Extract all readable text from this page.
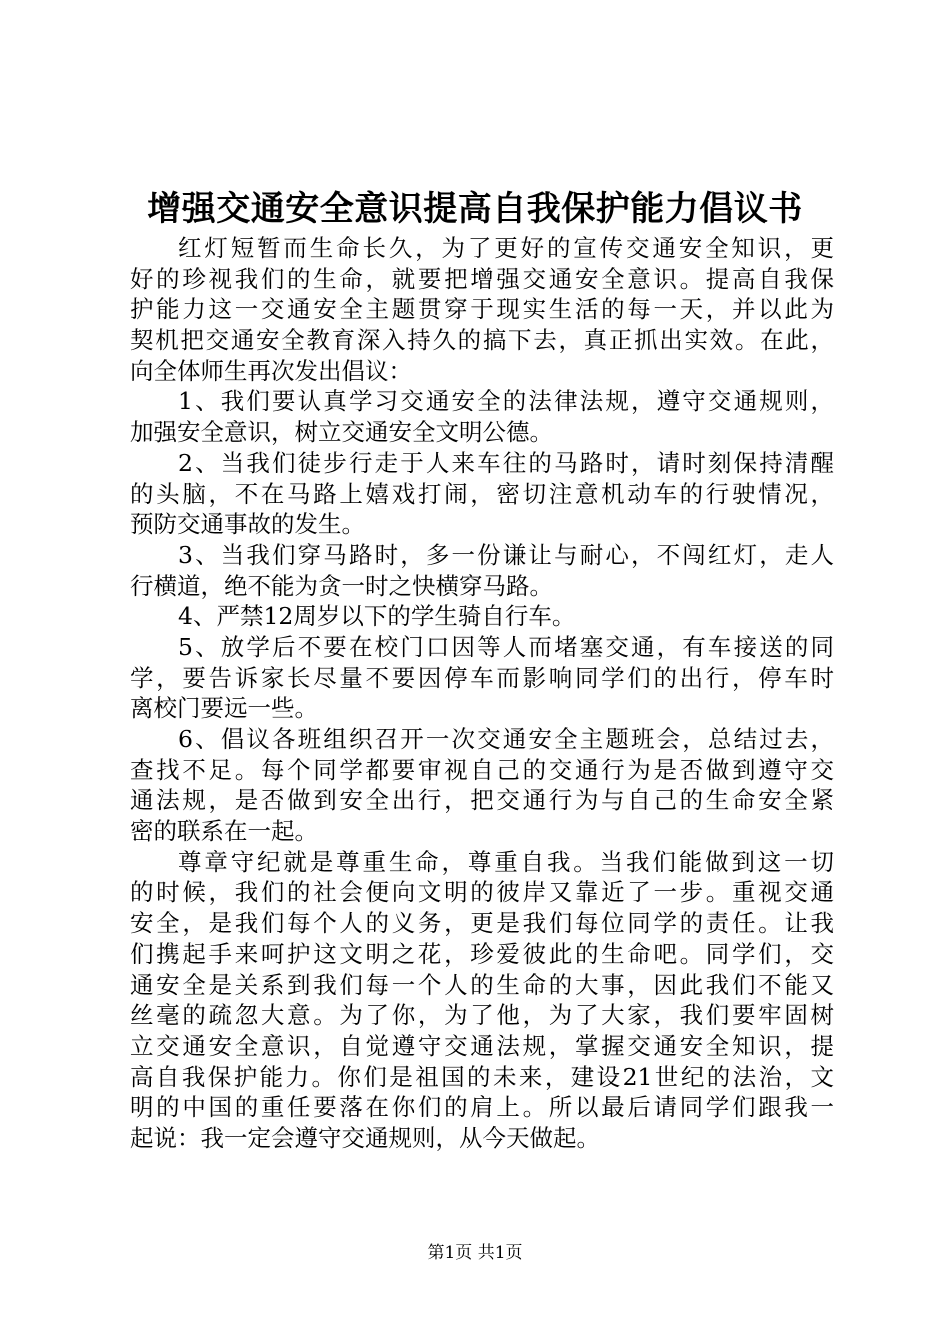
增强交通安全意识提高自我保护能力倡议书
红灯短暂而生命长久，为了更好的宣传交通安全知识，更
好的珍视我们的生命，就要把增强交通安全意识。提高自我保
护能力这一交通安全主题贯穿于现实生活的每一天，并以此为
契机把交通安全教育深入持久的搞下去，真正抓出实效。在此，
向全体师生再次发出倡议：
1、我们要认真学习交通安全的法律法规，遵守交通规则，
加强安全意识，树立交通安全文明公德。
2、当我们徒步行走于人来车往的马路时，请时刻保持清醒
的头脑，不在马路上嬉戏打闹，密切注意机动车的行驶情况，
预防交通事故的发生。
3、当我们穿马路时，多一份谦让与耐心，不闯红灯，走人
行横道，绝不能为贪一时之快横穿马路。
4、严禁12周岁以下的学生骑自行车。
5、放学后不要在校门口因等人而堵塞交通，有车接送的同
学，要告诉家长尽量不要因停车而影响同学们的出行，停车时
离校门要远一些。
6、倡议各班组织召开一次交通安全主题班会，总结过去，
查找不足。每个同学都要审视自己的交通行为是否做到遵守交
通法规，是否做到安全出行，把交通行为与自己的生命安全紧
密的联系在一起。
尊章守纪就是尊重生命，尊重自我。当我们能做到这一切
的时候，我们的社会便向文明的彼岸又靠近了一步。重视交通
安全，是我们每个人的义务，更是我们每位同学的责任。让我
们携起手来呵护这文明之花，珍爱彼此的生命吧。同学们，交
通安全是关系到我们每一个人的生命的大事，因此我们不能又
丝毫的疏忽大意。为了你，为了他，为了大家，我们要牢固树
立交通安全意识，自觉遵守交通法规，掌握交通安全知识，提
高自我保护能力。你们是祖国的未来，建设21世纪的法治，文
明的中国的重任要落在你们的肩上。所以最后请同学们跟我一
起说：我一定会遵守交通规则，从今天做起。
第1页 共1页
